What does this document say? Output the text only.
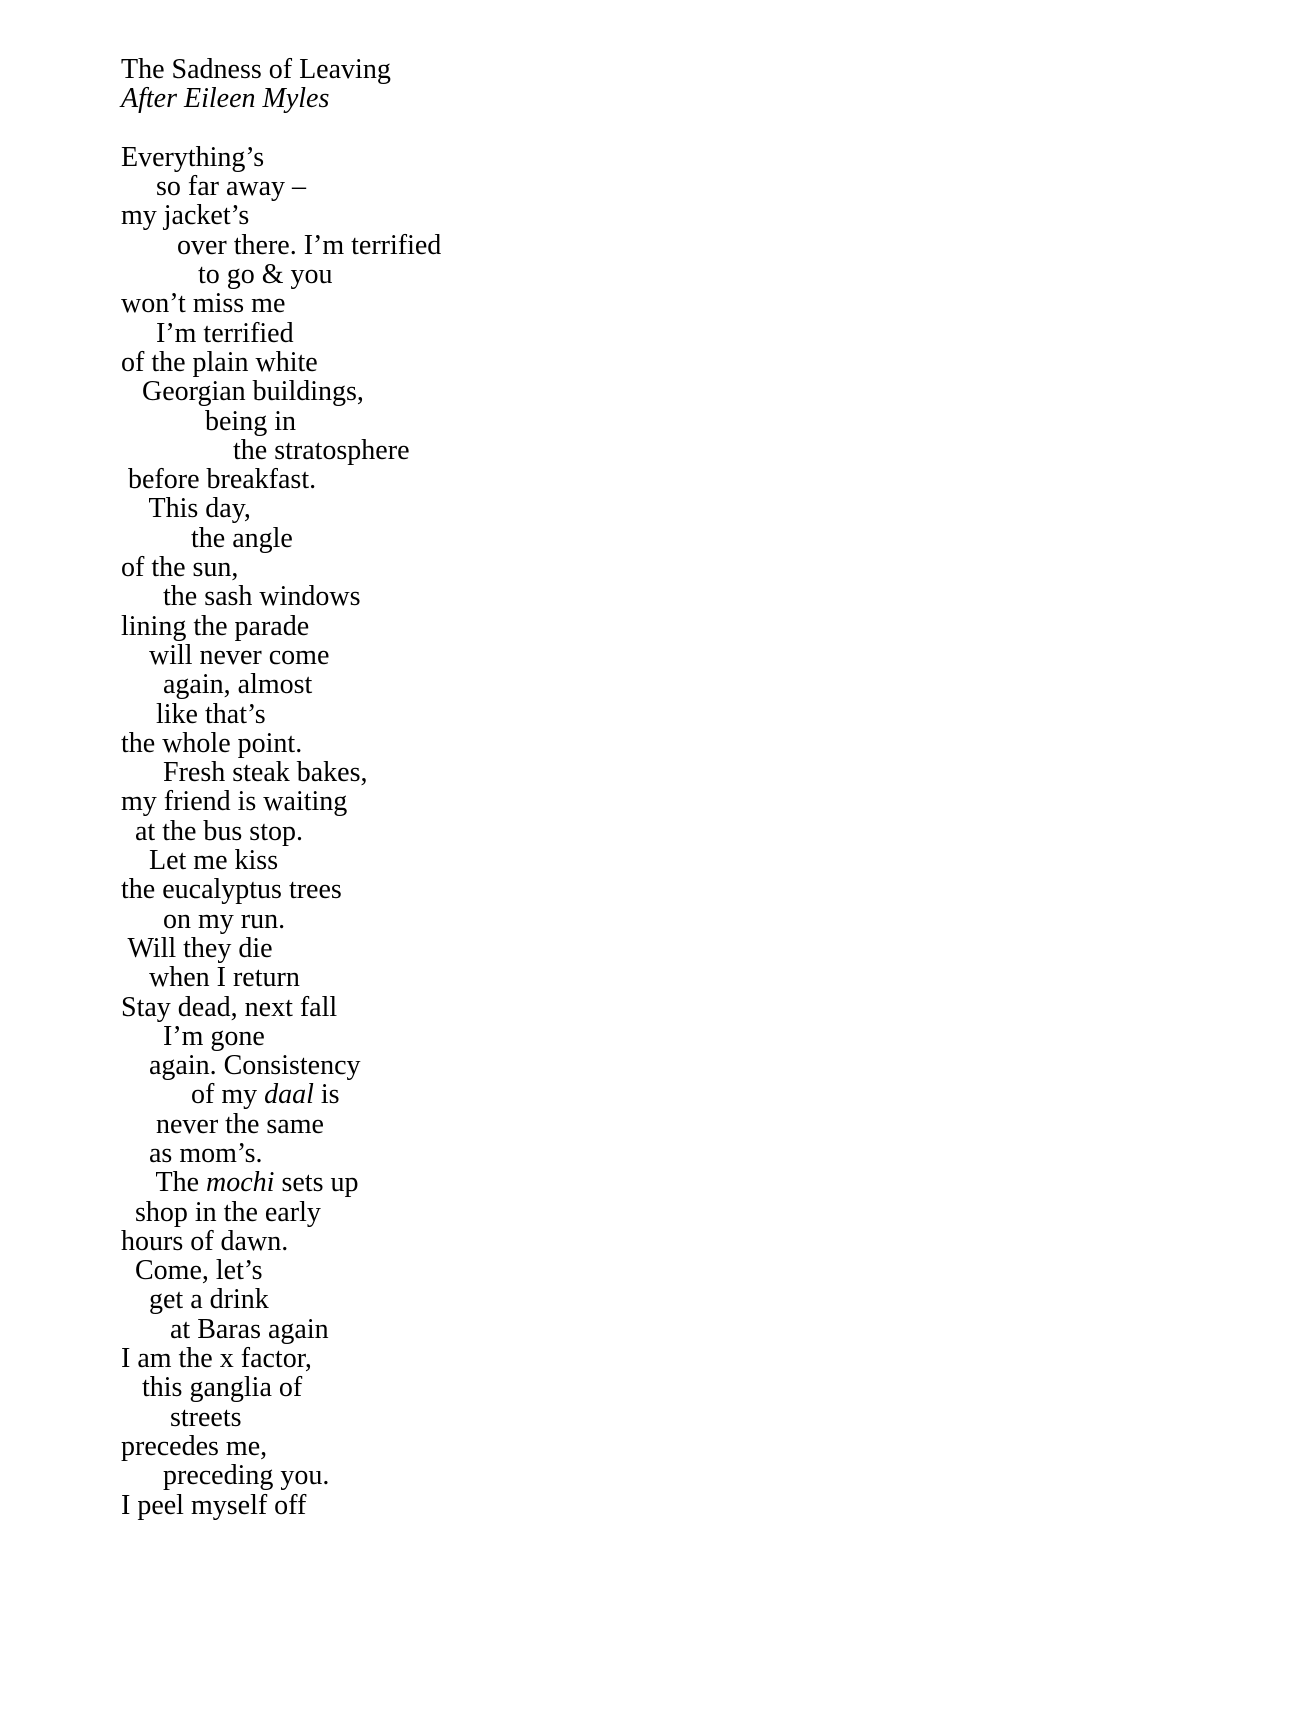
The Sadness of Leaving
After Eileen Myles
Everything’s
so far away –
my jacket’s
over there. I’m terrified
to go & you
won’t miss me
I’m terrified
of the plain white
Georgian buildings,
being in
the stratosphere
before breakfast.
This day,
the angle
of the sun,
the sash windows
lining the parade
will never come
again, almost
like that’s
the whole point.
Fresh steak bakes,
my friend is waiting
at the bus stop.
Let me kiss
the eucalyptus trees
on my run.
Will they die
when I return
Stay dead, next fall
I’m gone
again. Consistency
of my daal is
never the same
as mom’s.
The mochi sets up
shop in the early
hours of dawn.
Come, let’s
get a drink
at Baras again
I am the x factor,
this ganglia of
streets
precedes me,
preceding you.
I peel myself off
